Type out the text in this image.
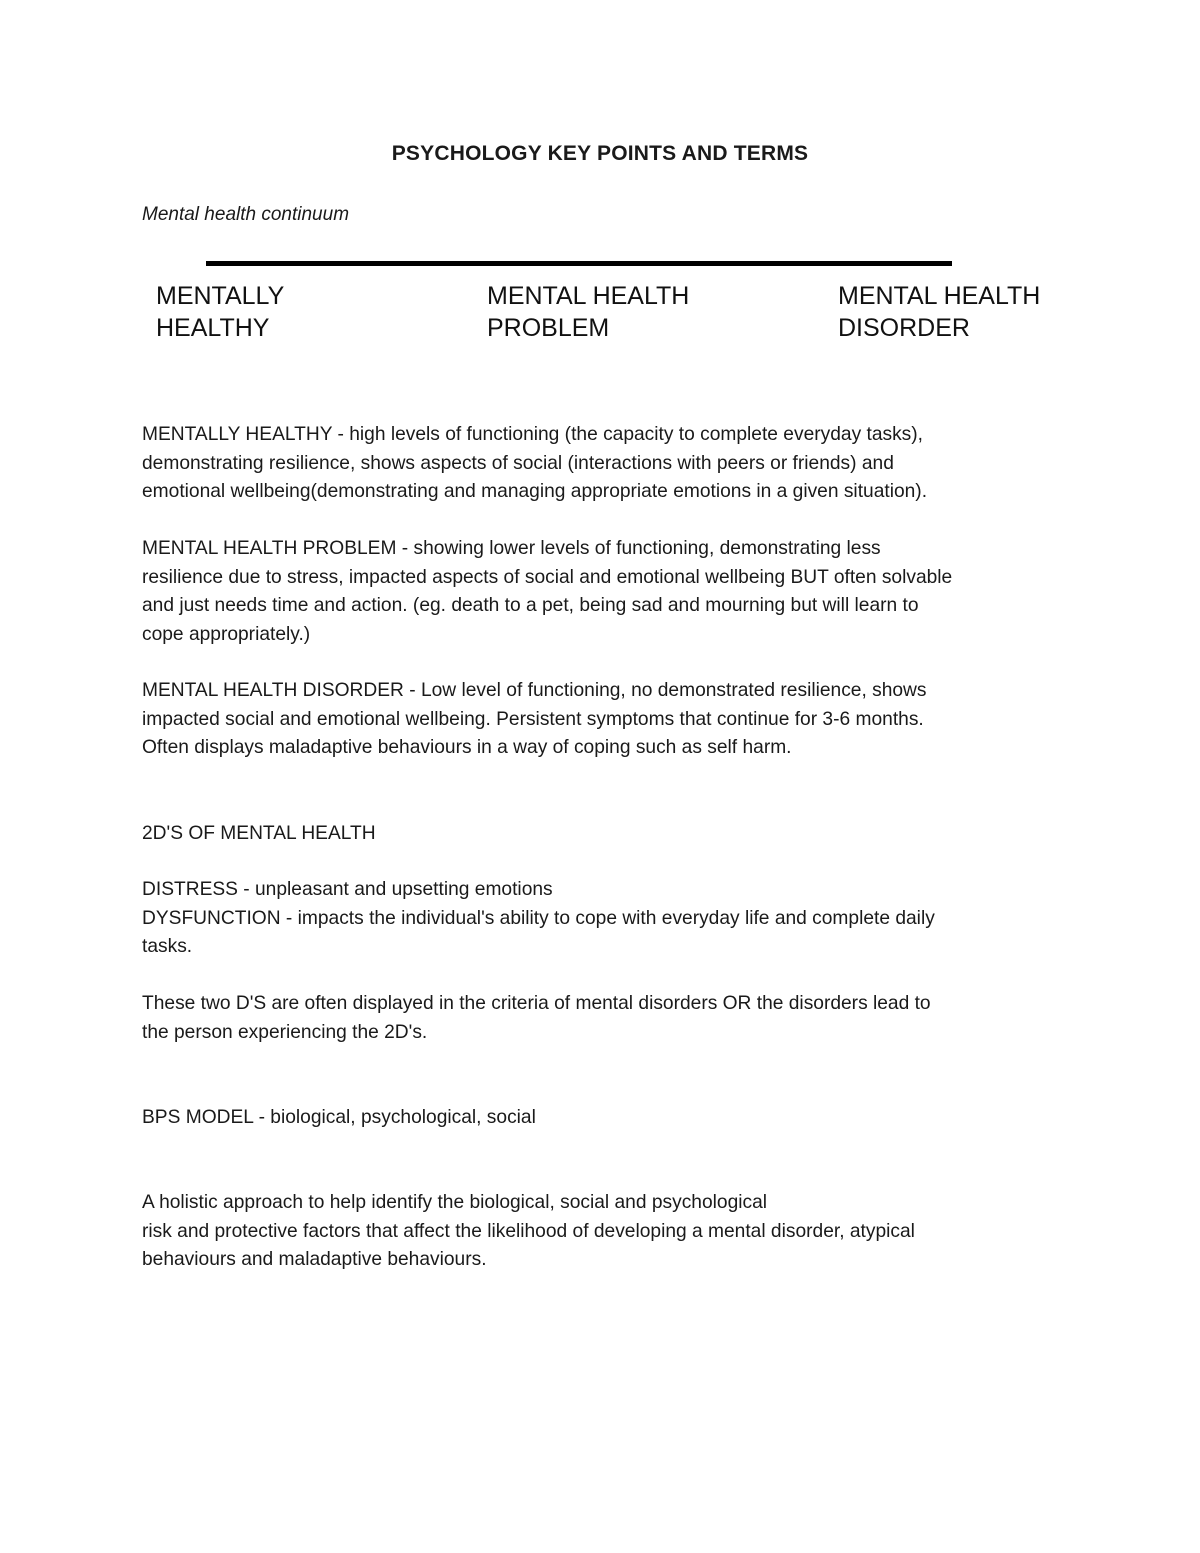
PSYCHOLOGY KEY POINTS AND TERMS
Mental health continuum
MENTALLY
HEALTHY
MENTAL HEALTH
PROBLEM
MENTAL HEALTH
DISORDER

MENTALLY HEALTHY - high levels of functioning (the capacity to complete everyday tasks),

demonstrating resilience, shows aspects of social (interactions with peers or friends) and

emotional wellbeing(demonstrating and managing appropriate emotions in a given situation).

MENTAL HEALTH PROBLEM - showing lower levels of functioning, demonstrating less

resilience due to stress, impacted aspects of social and emotional wellbeing BUT often solvable

and just needs time and action. (eg. death to a pet, being sad and mourning but will learn to

cope appropriately.)

MENTAL HEALTH DISORDER - Low level of functioning, no demonstrated resilience, shows

impacted social and emotional wellbeing. Persistent symptoms that continue for 3-6 months.

Often displays maladaptive behaviours in a way of coping such as self harm.

2D'S OF MENTAL HEALTH

DISTRESS - unpleasant and upsetting emotions

DYSFUNCTION - impacts the individual's ability to cope with everyday life and complete daily

tasks.

These two D'S are often displayed in the criteria of mental disorders OR the disorders lead to

the person experiencing the 2D's.

BPS MODEL - biological, psychological, social

A holistic approach to help identify the biological, social and psychological

risk and protective factors that affect the likelihood of developing a mental disorder, atypical

behaviours and maladaptive behaviours.
